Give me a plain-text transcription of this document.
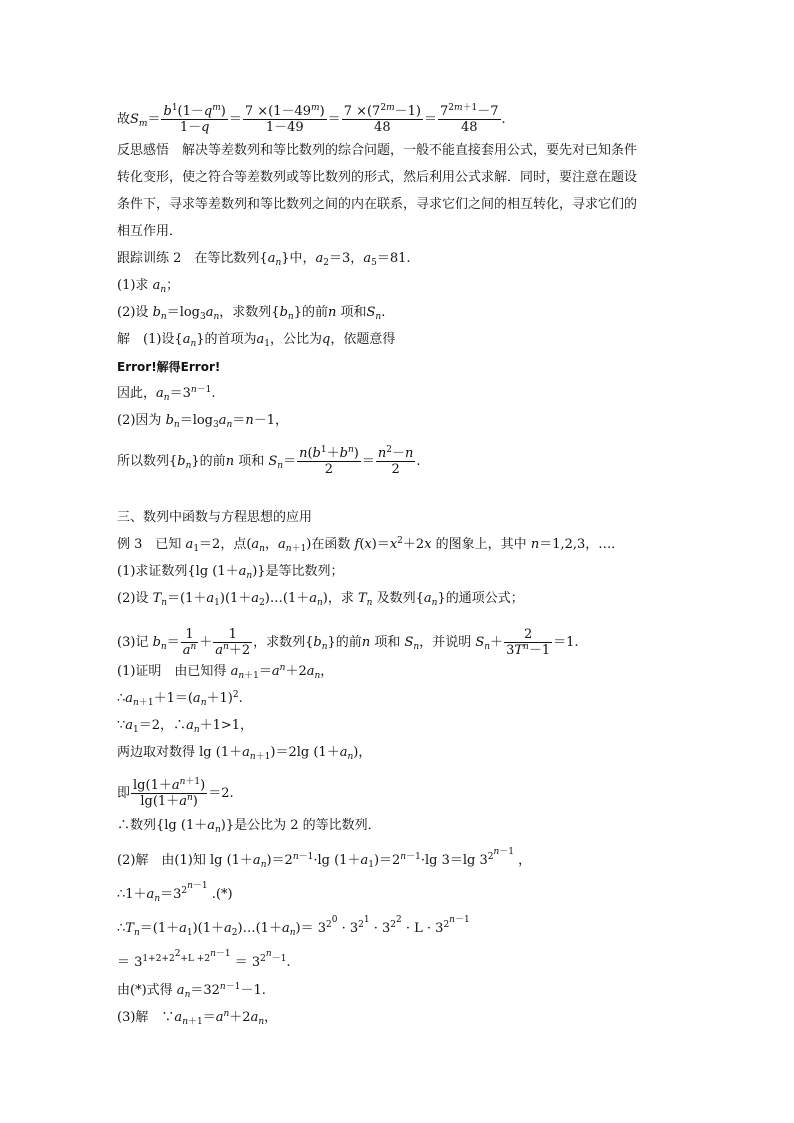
故$S_m= \frac{b^1(1-q^m)}{1-q} = \frac{7 \times(1-49^m)}{1-49} = \frac{7 \times(7^{2m}-1)}{48} = \frac{7^{2m+1}-7}{48}$ .
反思感悟　解决等差数列和等比数列的综合问题，一般不能直接套用公式，要先对已知条件
转化变形，使之符合等差数列或等比数列的形式，然后利用公式求解．同时，要注意在题设
条件下，寻求等差数列和等比数列之间的内在联系，寻求它们之间的相互转化，寻求它们的
相互作用．
跟踪训练 2　在等比数列$\{a_n\}$中，$a_2=3$，$a_5=81$.
(1)求 $a_n$；
(2)设 $b_n=\log_3a_n$，求数列$\{b_n\}$的前n 项和$S_n$.
解　(1)设$\{a_n\}$的首项为$a_1$，公比为q，依题意得
Error!解得Error!
因此，$a_n=3^{n-1}$.
(2)因为 $b_n=\log_3a_n=n-1$，
所以数列$\{b_n\}$的前n 项和 $S_n= \frac{n(b^1+b^n)}{2} = \frac{n^2-n}{2}$ .
三、数列中函数与方程思想的应用
例 3　已知 $a_1=2$，点($a_n$，$a_{n+1}$)在函数 $f(x)=x^2+2x$ 的图象上，其中 n＝1,2,3，…．
(1)求证数列{lg $(1+a_n)$}是等比数列；
(2)设 $T_n=(1+a_1)(1+a_2)\dots(1+a_n)$，求 $T_n$ 及数列$\{a_n\}$的通项公式；
(3)记 $b_n= \frac{1}{a^n} + \frac{1}{a^n+2}$ ，求数列$\{b_n\}$的前n 项和 $S_n$，并说明 $S_n+ \frac{2}{3T^n-1} =1$.
(1)证明　由已知得 $a_{n+1}=a^n+2a_n$，
$\therefore a_{n+1}+1=(a_n+1)^2$.
$\because a_1=2$，$\therefore a_n+1>1$，
两边取对数得 $\lg (1+a_{n+1})=2\lg$ $(1+a_n)$，
即 $\frac{\lg(1+a^{n+1})}{\lg(1+a^n)} =2$.
∴数列{lg $(1+a_n)$}是公比为 2 的等比数列．
(2)解　由(1)知 $\lg (1+a_n)=2^{n-1}\cdot\lg$ $(1+a_1)=2^{n-1}\cdot\lg$ 3＝lg $3^{2^{n-1}}$ ，
$\therefore 1+a_n=3^{2^{n-1}}$ .(*)
$\therefore T_n=(1+a_1)(1+a_2)\dots(1+a_n)= 3^{2^0} \cdot 3^{2^1} \cdot 3^{2^2} \cdot L \cdot 3^{2^{n-1}}$
＝ $3^{1+2+2^2+L +2^{n-1}} = 3^{2^n-1}$.
由(*)式得 $a_n=32^{n-1}-1$.
(3)解　$\because a_{n+1}=a^n+2a_n$，
